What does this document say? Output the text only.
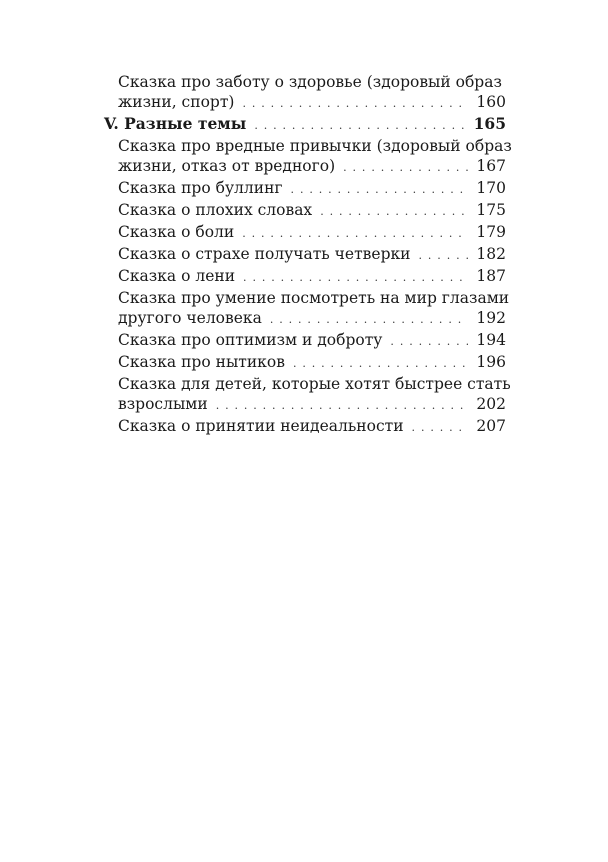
Сказка про заботу о здоровье (здоровый образ
жизни, спорт) . . .	160
V. Разные темы . . .	165
Сказка про вредные привычки (здоровый образ
жизни, отказ от вредного) . . .	167
Сказка про буллинг . . .	170
Сказка о плохих словах . . .	175
Сказка о боли . . .	179
Сказка о страхе получать четверки . . .	182
Сказка о лени . . .	187
Сказка про умение посмотреть на мир глазами
другого человека . . .	192
Сказка про оптимизм и доброту . . .	194
Сказка про нытиков . . .	196
Сказка для детей, которые хотят быстрее стать
взрослыми . . .	202
Сказка о принятии неидеальности . . .	207
